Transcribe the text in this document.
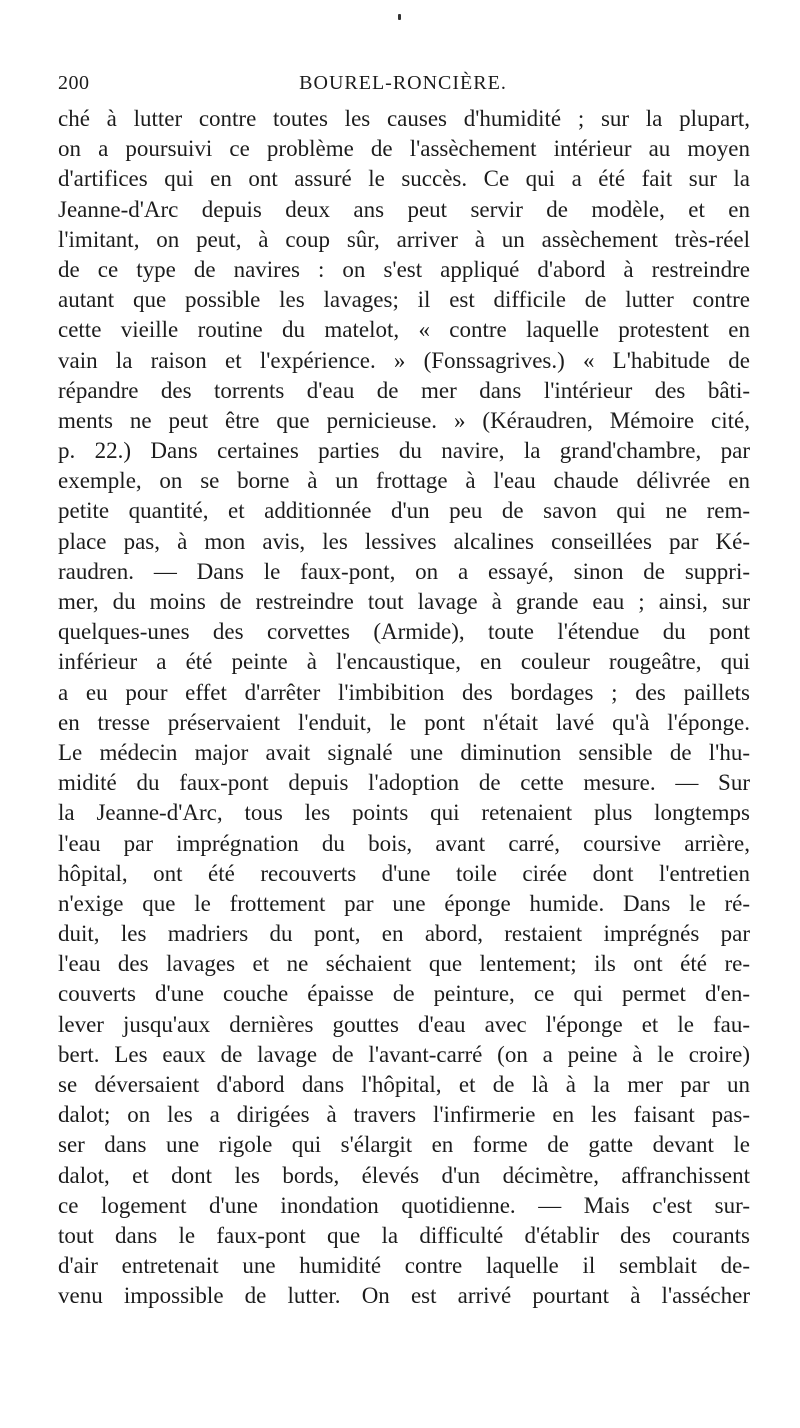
200	BOUREL-RONCIÈRE.
ché à lutter contre toutes les causes d'humidité ; sur la plupart,
on a poursuivi ce problème de l'assèchement intérieur au moyen
d'artifices qui en ont assuré le succès. Ce qui a été fait sur la
Jeanne-d'Arc depuis deux ans peut servir de modèle, et en
l'imitant, on peut, à coup sûr, arriver à un assèchement très-réel
de ce type de navires : on s'est appliqué d'abord à restreindre
autant que possible les lavages; il est difficile de lutter contre
cette vieille routine du matelot, « contre laquelle protestent en
vain la raison et l'expérience. » (Fonssagrives.) « L'habitude de
répandre des torrents d'eau de mer dans l'intérieur des bâti-
ments ne peut être que pernicieuse. » (Kéraudren, Mémoire cité,
p. 22.) Dans certaines parties du navire, la grand'chambre, par
exemple, on se borne à un frottage à l'eau chaude délivrée en
petite quantité, et additionnée d'un peu de savon qui ne rem-
place pas, à mon avis, les lessives alcalines conseillées par Ké-
raudren. — Dans le faux-pont, on a essayé, sinon de suppri-
mer, du moins de restreindre tout lavage à grande eau ; ainsi, sur
quelques-unes des corvettes (Armide), toute l'étendue du pont
inférieur a été peinte à l'encaustique, en couleur rougeâtre, qui
a eu pour effet d'arrêter l'imbibition des bordages ; des paillets
en tresse préservaient l'enduit, le pont n'était lavé qu'à l'éponge.
Le médecin major avait signalé une diminution sensible de l'hu-
midité du faux-pont depuis l'adoption de cette mesure. — Sur
la Jeanne-d'Arc, tous les points qui retenaient plus longtemps
l'eau par imprégnation du bois, avant carré, coursive arrière,
hôpital, ont été recouverts d'une toile cirée dont l'entretien
n'exige que le frottement par une éponge humide. Dans le ré-
duit, les madriers du pont, en abord, restaient imprégnés par
l'eau des lavages et ne séchaient que lentement; ils ont été re-
couverts d'une couche épaisse de peinture, ce qui permet d'en-
lever jusqu'aux dernières gouttes d'eau avec l'éponge et le fau-
bert. Les eaux de lavage de l'avant-carré (on a peine à le croire)
se déversaient d'abord dans l'hôpital, et de là à la mer par un
dalot; on les a dirigées à travers l'infirmerie en les faisant pas-
ser dans une rigole qui s'élargit en forme de gatte devant le
dalot, et dont les bords, élevés d'un décimètre, affranchissent
ce logement d'une inondation quotidienne. — Mais c'est sur-
tout dans le faux-pont que la difficulté d'établir des courants
d'air entretenait une humidité contre laquelle il semblait de-
venu impossible de lutter. On est arrivé pourtant à l'assécher
